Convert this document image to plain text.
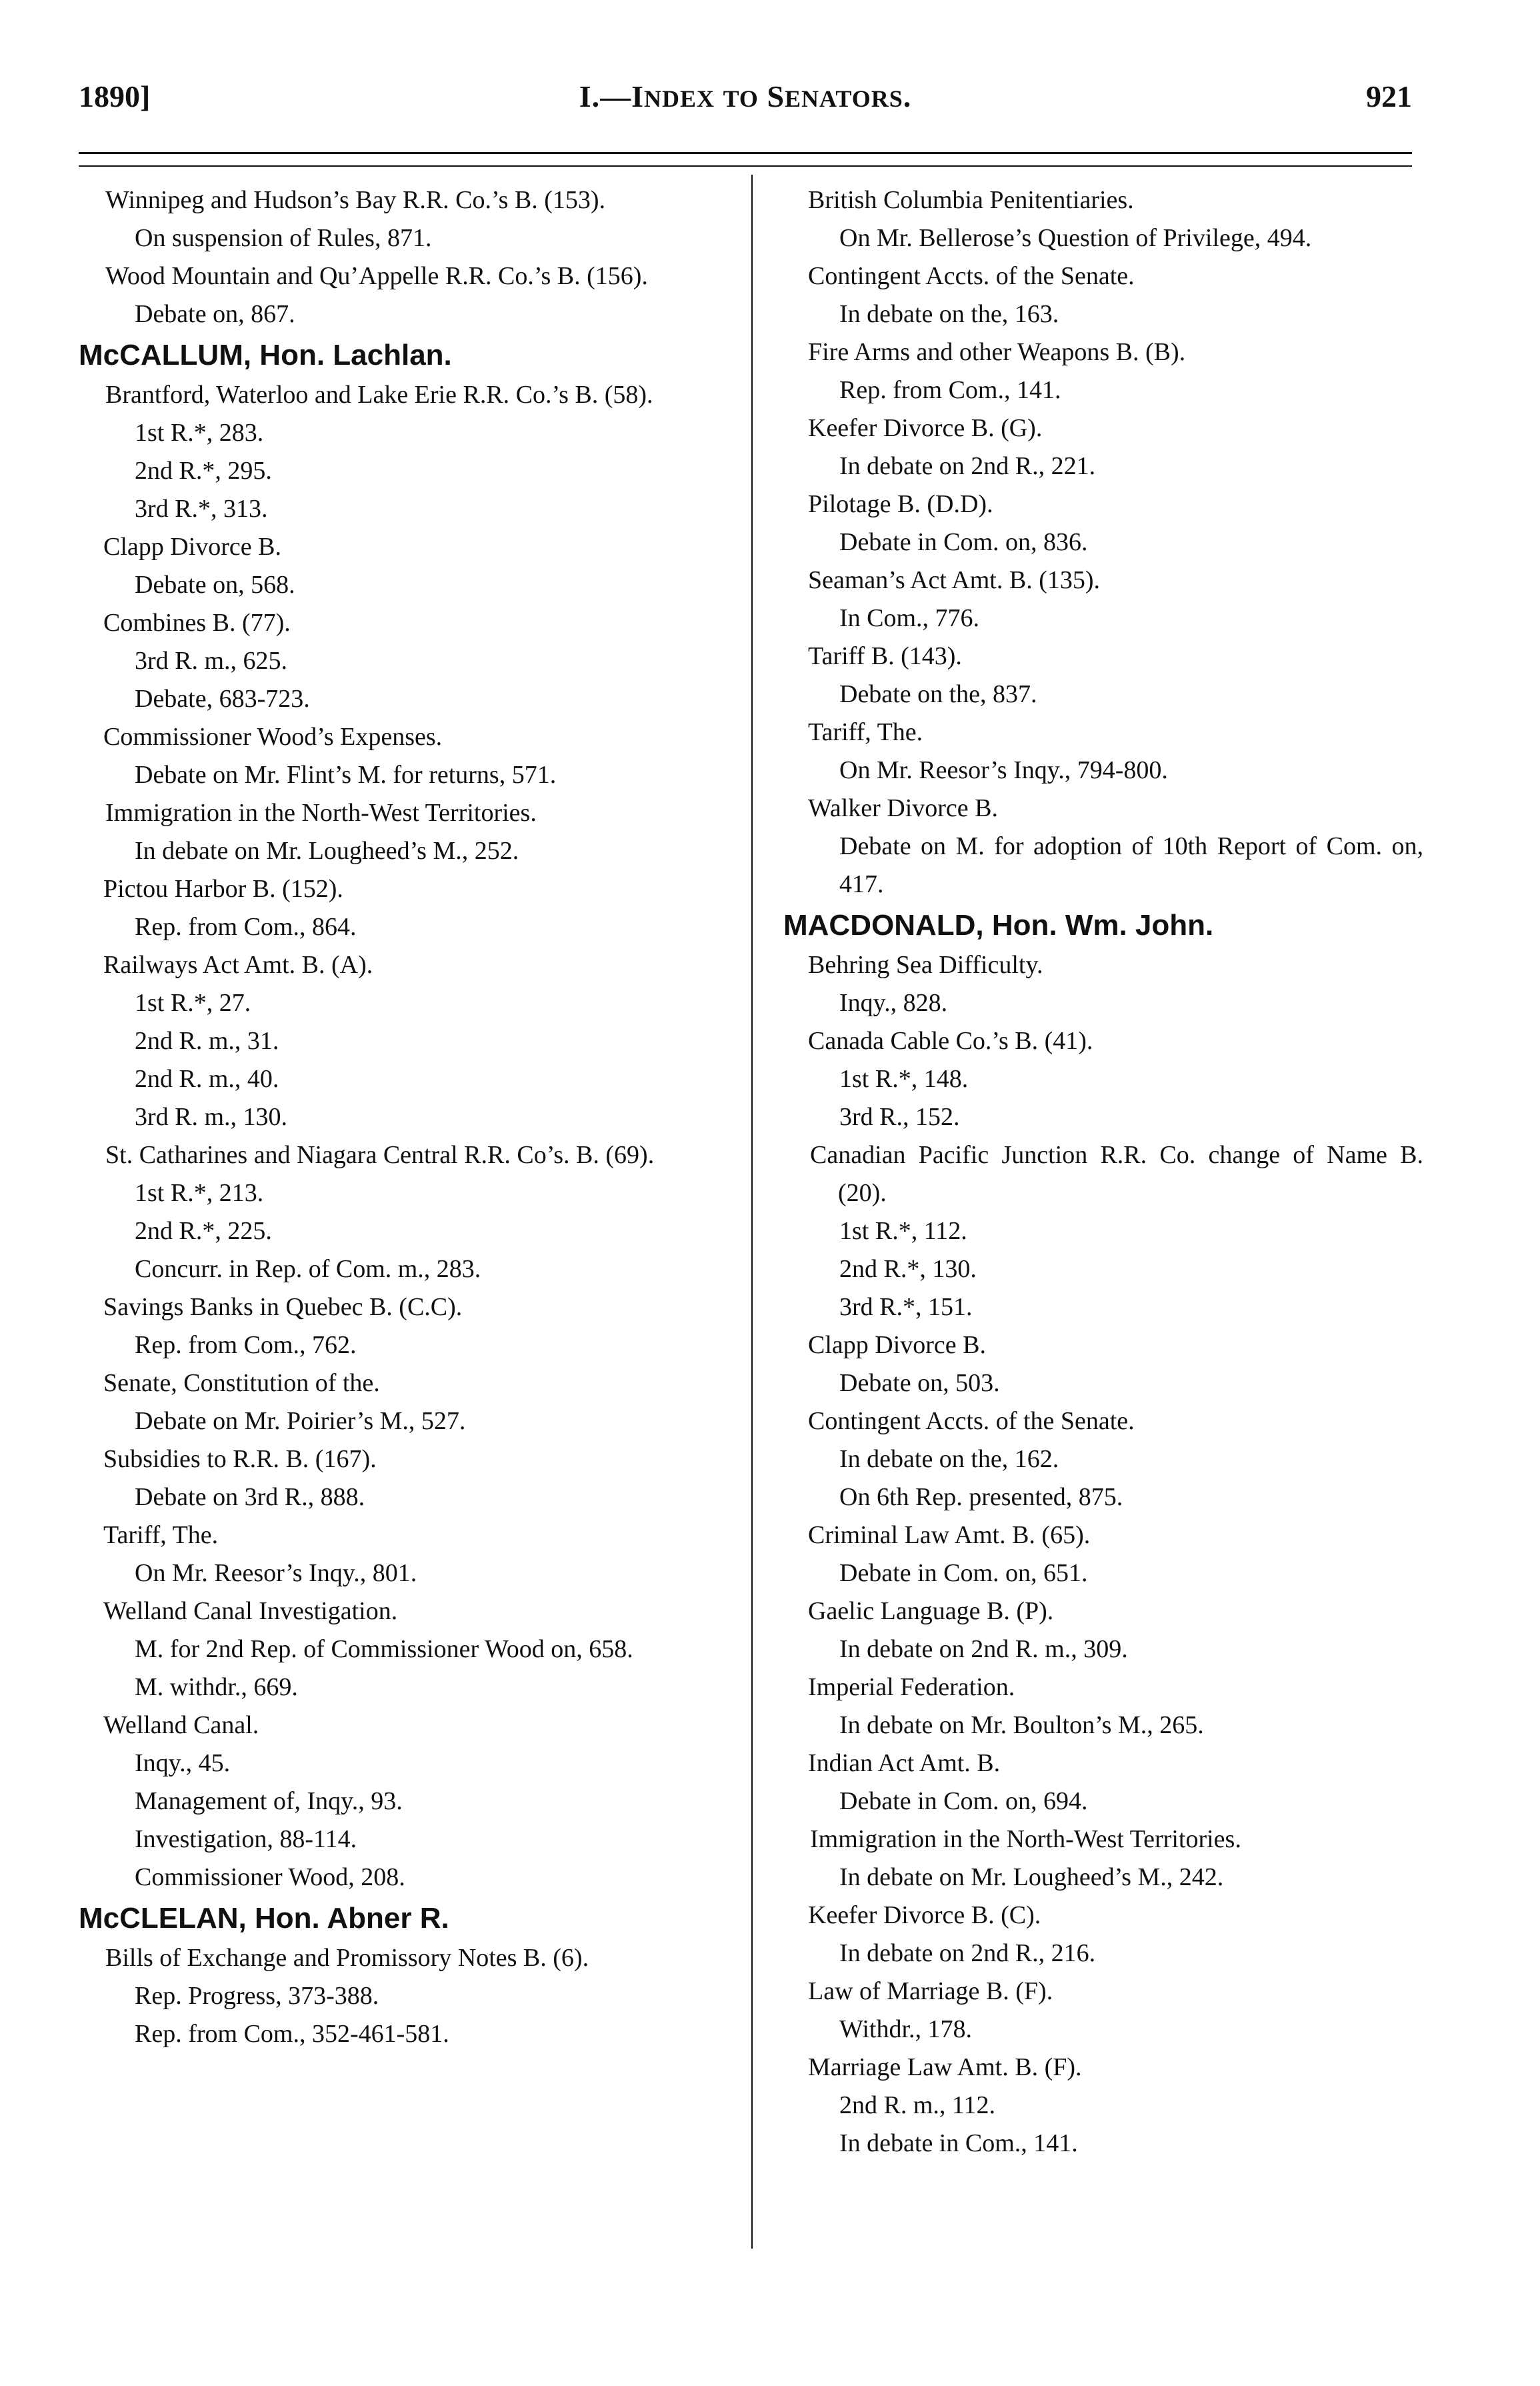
1890]	I.—INDEX TO SENATORS.	921
Winnipeg and Hudson’s Bay R.R. Co.’s B. (153).
On suspension of Rules, 871.
Wood Mountain and Qu’Appelle R.R. Co.’s B. (156).
Debate on, 867.
McCALLUM, Hon. Lachlan.
Brantford, Waterloo and Lake Erie R.R. Co.’s B. (58).
1st R.*, 283.
2nd R.*, 295.
3rd R.*, 313.
Clapp Divorce B.
Debate on, 568.
Combines B. (77).
3rd R. m., 625.
Debate, 683-723.
Commissioner Wood’s Expenses.
Debate on Mr. Flint’s M. for returns, 571.
Immigration in the North-West Territories.
In debate on Mr. Lougheed’s M., 252.
Pictou Harbor B. (152).
Rep. from Com., 864.
Railways Act Amt. B. (A).
1st R.*, 27.
2nd R. m., 31.
2nd R. m., 40.
3rd R. m., 130.
St. Catharines and Niagara Central R.R. Co’s. B. (69).
1st R.*, 213.
2nd R.*, 225.
Concurr. in Rep. of Com. m., 283.
Savings Banks in Quebec B. (C.C).
Rep. from Com., 762.
Senate, Constitution of the.
Debate on Mr. Poirier’s M., 527.
Subsidies to R.R. B. (167).
Debate on 3rd R., 888.
Tariff, The.
On Mr. Reesor’s Inqy., 801.
Welland Canal Investigation.
M. for 2nd Rep. of Commissioner Wood on, 658.
M. withdr., 669.
Welland Canal.
Inqy., 45.
Management of, Inqy., 93.
Investigation, 88-114.
Commissioner Wood, 208.
McCLELAN, Hon. Abner R.
Bills of Exchange and Promissory Notes B. (6).
Rep. Progress, 373-388.
Rep. from Com., 352-461-581.
British Columbia Penitentiaries.
On Mr. Bellerose’s Question of Privilege, 494.
Contingent Accts. of the Senate.
In debate on the, 163.
Fire Arms and other Weapons B. (B).
Rep. from Com., 141.
Keefer Divorce B. (G).
In debate on 2nd R., 221.
Pilotage B. (D.D).
Debate in Com. on, 836.
Seaman’s Act Amt. B. (135).
In Com., 776.
Tariff B. (143).
Debate on the, 837.
Tariff, The.
On Mr. Reesor’s Inqy., 794-800.
Walker Divorce B.
Debate on M. for adoption of 10th Report of Com. on, 417.
MACDONALD, Hon. Wm. John.
Behring Sea Difficulty.
Inqy., 828.
Canada Cable Co.’s B. (41).
1st R.*, 148.
3rd R., 152.
Canadian Pacific Junction R.R. Co. change of Name B. (20).
1st R.*, 112.
2nd R.*, 130.
3rd R.*, 151.
Clapp Divorce B.
Debate on, 503.
Contingent Accts. of the Senate.
In debate on the, 162.
On 6th Rep. presented, 875.
Criminal Law Amt. B. (65).
Debate in Com. on, 651.
Gaelic Language B. (P).
In debate on 2nd R. m., 309.
Imperial Federation.
In debate on Mr. Boulton’s M., 265.
Indian Act Amt. B.
Debate in Com. on, 694.
Immigration in the North-West Territories.
In debate on Mr. Lougheed’s M., 242.
Keefer Divorce B. (C).
In debate on 2nd R., 216.
Law of Marriage B. (F).
Withdr., 178.
Marriage Law Amt. B. (F).
2nd R. m., 112.
In debate in Com., 141.
